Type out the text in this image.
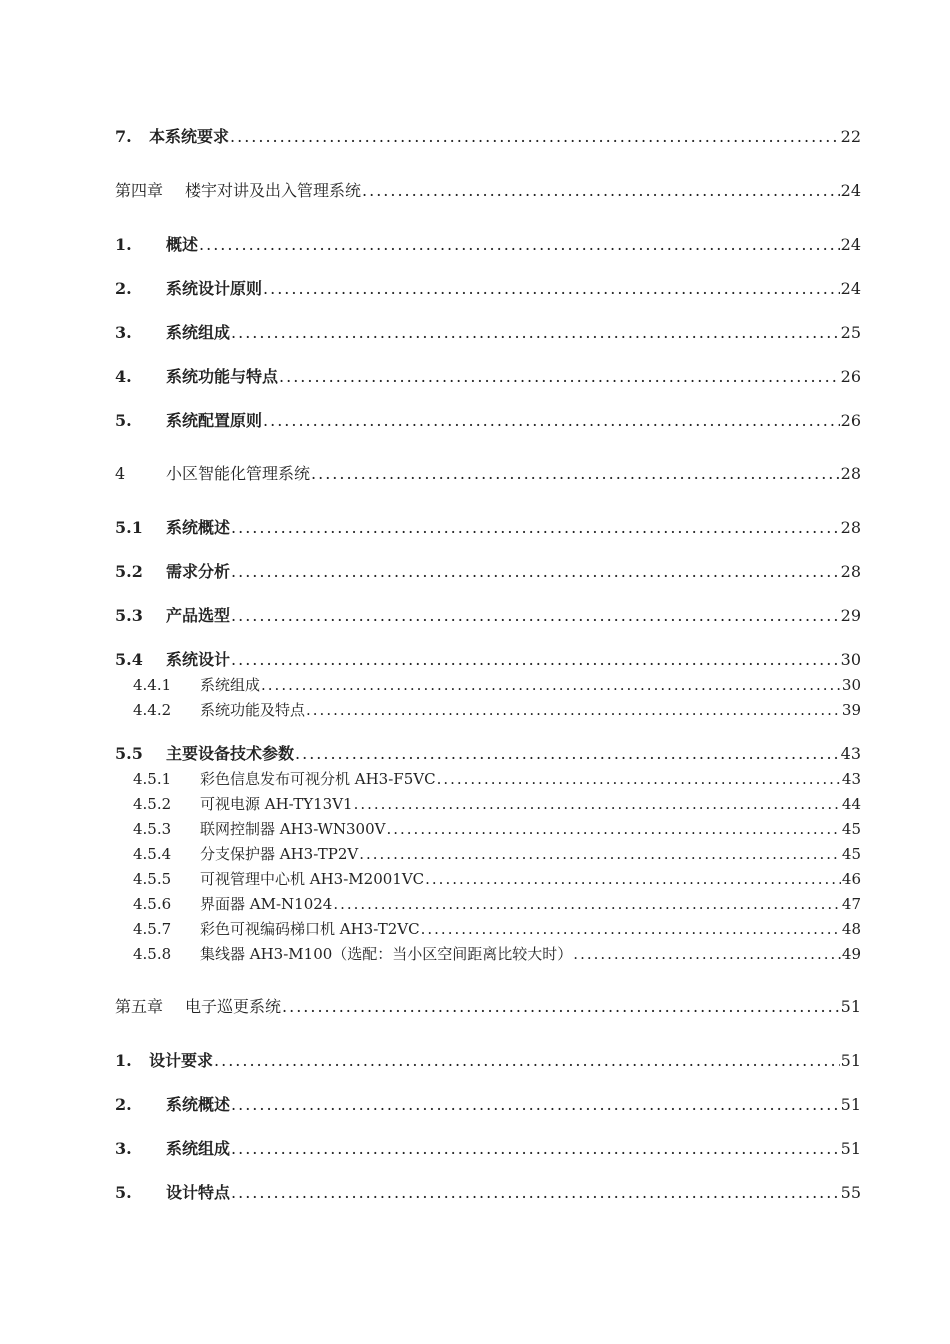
7.	本系统要求 .....	22
第四章	楼宇对讲及出入管理系统 .....	24
1.	概述 .....	24
2.	系统设计原则 .....	24
3.	系统组成 .....	25
4.	系统功能与特点 .....	26
5.	系统配置原则 .....	26
4	小区智能化管理系统 .....	28
5.1	系统概述 .....	28
5.2	需求分析 .....	28
5.3	产品选型 .....	29
5.4	系统设计 .....	30
4.4.1	系统组成 .....	30
4.4.2	系统功能及特点 .....	39
5.5	主要设备技术参数 .....	43
4.5.1	彩色信息发布可视分机 AH3-F5VC .....	43
4.5.2	可视电源 AH-TY13V1 .....	44
4.5.3	联网控制器 AH3-WN300V .....	45
4.5.4	分支保护器 AH3-TP2V .....	45
4.5.5	可视管理中心机 AH3-M2001VC .....	46
4.5.6	界面器 AM-N1024 .....	47
4.5.7	彩色可视编码梯口机 AH3-T2VC .....	48
4.5.8	集线器 AH3-M100（选配：当小区空间距离比较大时） .....	49
第五章	电子巡更系统 .....	51
1.	设计要求 .....	51
2.	系统概述 .....	51
3.	系统组成 .....	51
5.	设计特点 .....	55
